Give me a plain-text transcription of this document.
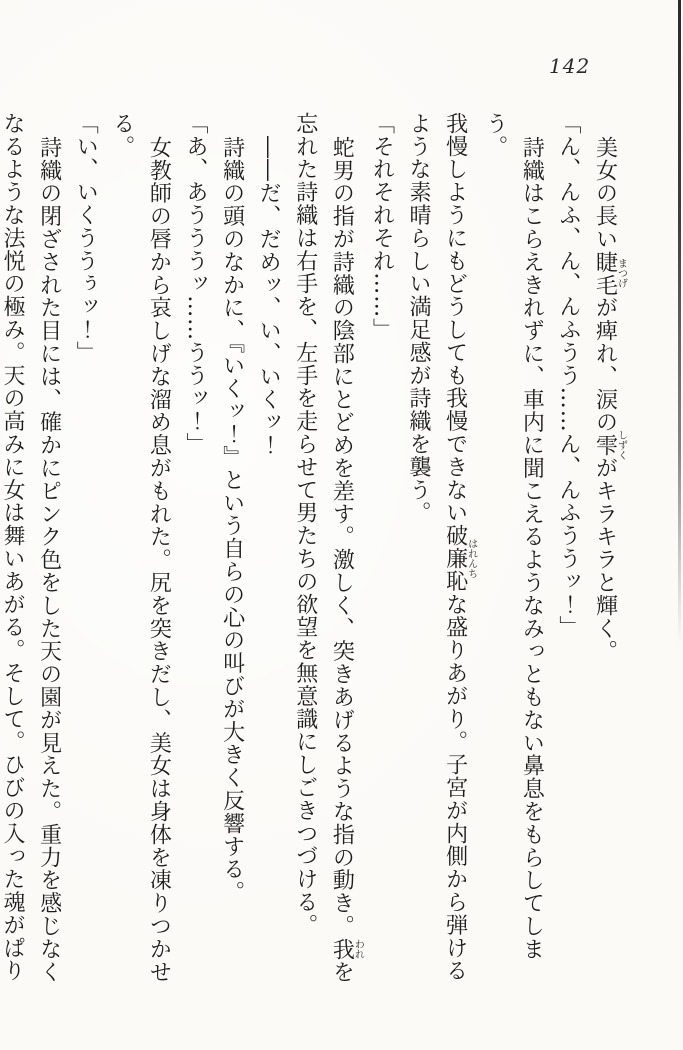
142

美女の長い睫毛まつげが痺れ、涙の雫しずくがキラキラと輝く。

「ん、んふ、ん、んふうう……ん、んふううッ！」

詩織はこらえきれずに、車内に聞こえるようなみっともない鼻息をもらしてしまう。

我慢しようにもどうしても我慢できない破廉恥はれんちな盛りあがり。子宮が内側から弾ける

ような素晴らしい満足感が詩織を襲う。

「それそれそれ……」

蛇男の指が詩織の陰部にとどめを差す。激しく、突きあげるような指の動き。我われを

忘れた詩織は右手を、左手を走らせて男たちの欲望を無意識にしごきつづける。

――だ、だめッ、い、いくッ！

詩織の頭のなかに、『いくッ！』という自らの心の叫びが大きく反響する。

「あ、あうううッ……ううッ！」

女教師の唇から哀しげな溜め息がもれた。尻を突きだし、美女は身体を凍りつかせ

る。

「い、いくううぅッ！」

詩織の閉ざされた目には、確かにピンク色をした天の園が見えた。重力を感じなく

なるような法悦の極み。天の高みに女は舞いあがる。そして。ひびの入った魂がぱり
